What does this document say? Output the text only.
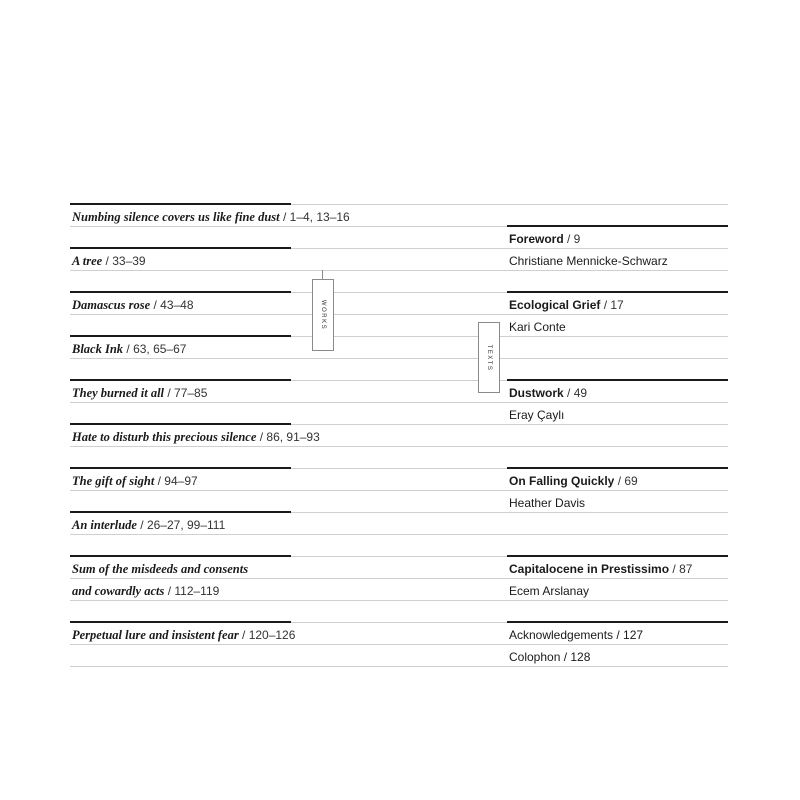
WORKS
TEXTS
Numbing silence covers us like fine dust / 1–4, 13–16
A tree / 33–39
Damascus rose / 43–48
Black Ink / 63, 65–67
They burned it all / 77–85
Hate to disturb this precious silence / 86, 91–93
The gift of sight / 94–97
An interlude / 26–27, 99–111
Sum of the misdeeds and consents
and cowardly acts / 112–119
Perpetual lure and insistent fear / 120–126
Foreword / 9
Christiane Mennicke-Schwarz
Ecological Grief / 17
Kari Conte
Dustwork / 49
Eray Çaylı
On Falling Quickly / 69
Heather Davis
Capitalocene in Prestissimo / 87
Ecem Arslanay
Acknowledgements / 127
Colophon / 128
